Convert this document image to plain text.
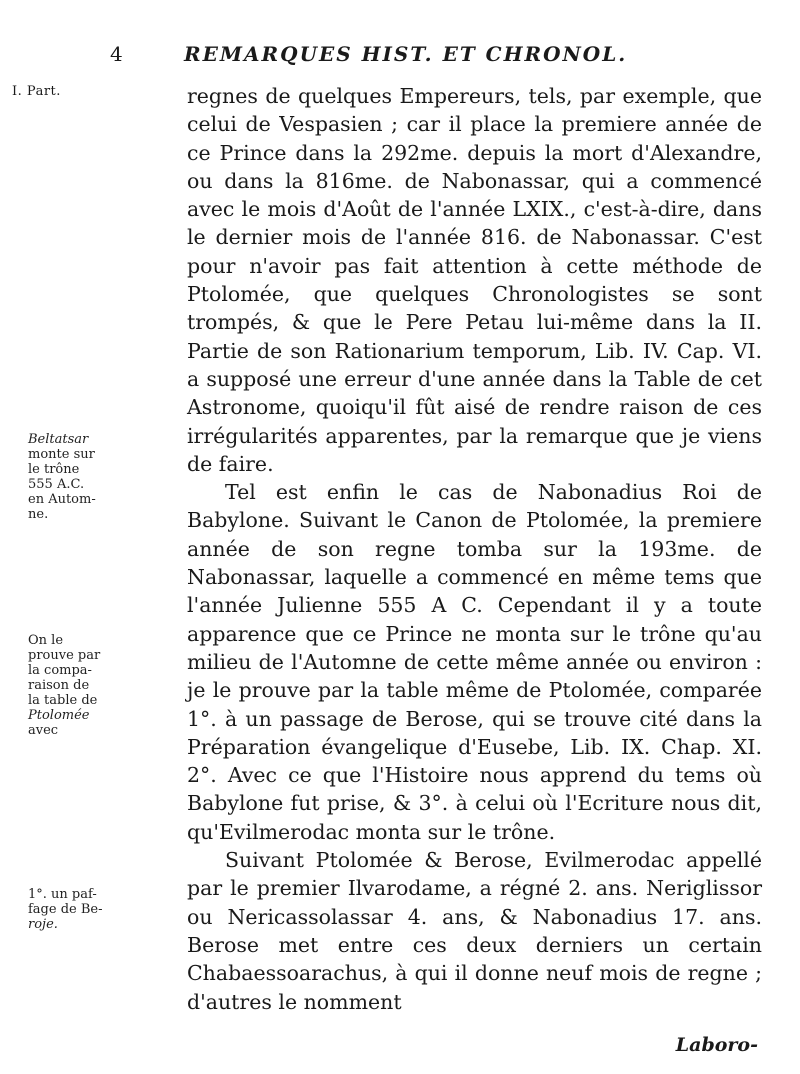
4	REMARQUES HIST. ET CHRONOL.
I. Part.
Beltatsar
monte sur
le trône
555 A.C.
en Autom-
ne.
On le
prouve par
la compa-
raison de
la table de
Ptolomée
avec
1°. un paf-
fage de Be-
roje.

regnes de quelques Empereurs, tels, par exemple, que celui de Vespasien ; car il place la premiere année de ce Prince dans la 292me. depuis la mort d'Alexandre, ou dans la 816me. de Nabonassar, qui a commencé avec le mois d'Août de l'année LXIX., c'est-à-dire, dans le dernier mois de l'année 816. de Nabonassar. C'est pour n'avoir pas fait attention à cette méthode de Ptolomée, que quelques Chronologistes se sont trompés, & que le Pere Petau lui-même dans la II. Partie de son Rationarium temporum, Lib. IV. Cap. VI. a supposé une erreur d'une année dans la Table de cet Astronome, quoiqu'il fût aisé de rendre raison de ces irrégularités apparentes, par la remarque que je viens de faire.

Tel est enfin le cas de Nabonadius Roi de Babylone. Suivant le Canon de Ptolomée, la premiere année de son regne tomba sur la 193me. de Nabonassar, laquelle a commencé en même tems que l'année Julienne 555 A C. Cependant il y a toute apparence que ce Prince ne monta sur le trône qu'au milieu de l'Automne de cette même année ou environ : je le prouve par la table même de Ptolomée, comparée 1°. à un passage de Berose, qui se trouve cité dans la Préparation évangelique d'Eusebe, Lib. IX. Chap. XI. 2°. Avec ce que l'Histoire nous apprend du tems où Babylone fut prise, & 3°. à celui où l'Ecriture nous dit, qu'Evilmerodac monta sur le trône.

Suivant Ptolomée & Berose, Evilmerodac appellé par le premier Ilvarodame, a régné 2. ans. Neriglissor ou Nericassolassar 4. ans, & Nabonadius 17. ans. Berose met entre ces deux derniers un certain Chabaessoarachus, à qui il donne neuf mois de regne ; d'autres le nomment

Laboro-
